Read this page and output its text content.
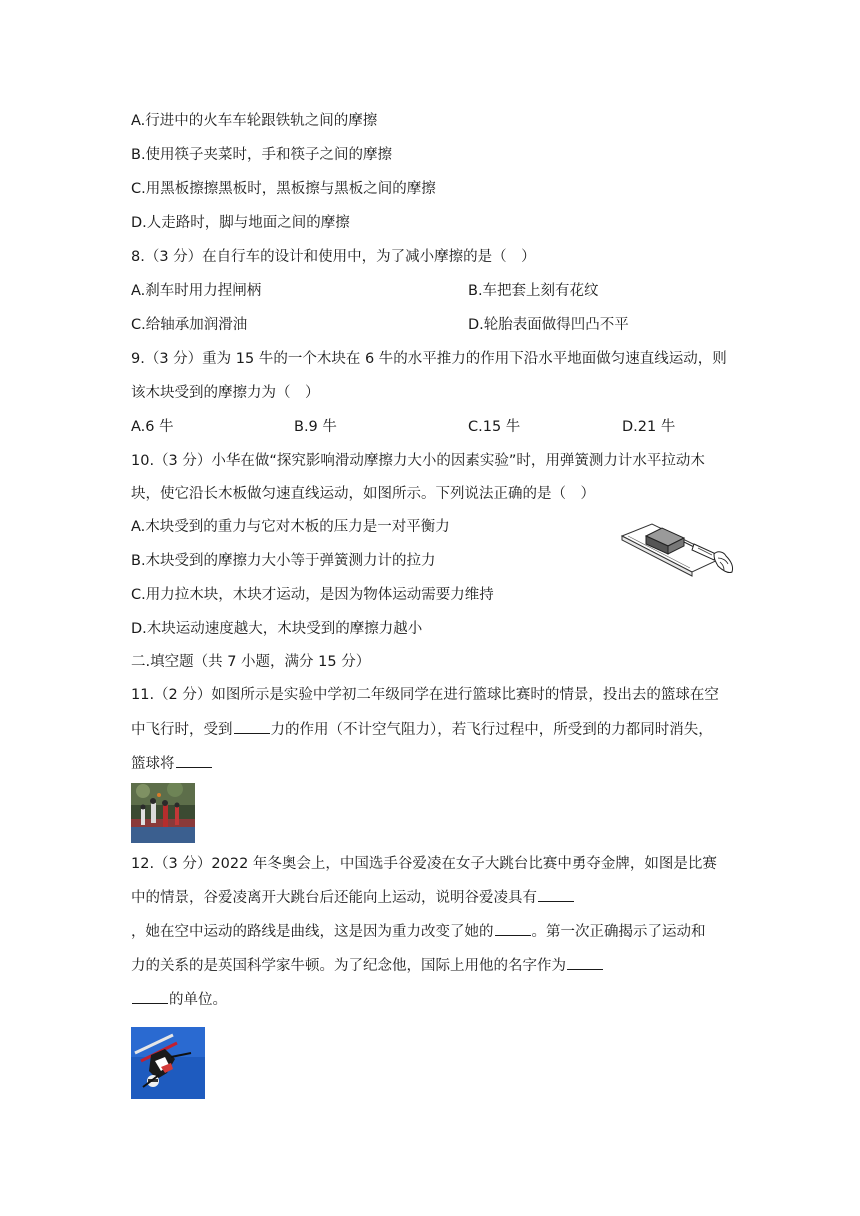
A.行进中的火车车轮跟铁轨之间的摩擦
B.使用筷子夹菜时，手和筷子之间的摩擦
C.用黑板擦擦黑板时，黑板擦与黑板之间的摩擦
D.人走路时，脚与地面之间的摩擦
8.（3 分）在自行车的设计和使用中，为了减小摩擦的是（　）
A.刹车时用力捏闸柄	B.车把套上刻有花纹
C.给轴承加润滑油	D.轮胎表面做得凹凸不平
9.（3 分）重为 15 牛的一个木块在 6 牛的水平推力的作用下沿水平地面做匀速直线运动，则
该木块受到的摩擦力为（　）
A.6 牛	B.9 牛	C.15 牛	D.21 牛
10.（3 分）小华在做“探究影响滑动摩擦力大小的因素实验”时，用弹簧测力计水平拉动木
块，使它沿长木板做匀速直线运动，如图所示。下列说法正确的是（　）
A.木块受到的重力与它对木板的压力是一对平衡力
B.木块受到的摩擦力大小等于弹簧测力计的拉力
C.用力拉木块，木块才运动，是因为物体运动需要力维持
D.木块运动速度越大，木块受到的摩擦力越小
二.填空题（共 7 小题，满分 15 分）
11.（2 分）如图所示是实验中学初二年级同学在进行篮球比赛时的情景，投出去的篮球在空
中飞行时，受到	力的作用（不计空气阻力），若飞行过程中，所受到的力都同时消失，
篮球将
12.（3 分）2022 年冬奥会上，中国选手谷爱凌在女子大跳台比赛中勇夺金牌，如图是比赛
中的情景，谷爱凌离开大跳台后还能向上运动，说明谷爱凌具有
，她在空中运动的路线是曲线，这是因为重力改变了她的	。第一次正确揭示了运动和
力的关系的是英国科学家牛顿。为了纪念他，国际上用他的名字作为
的单位。
